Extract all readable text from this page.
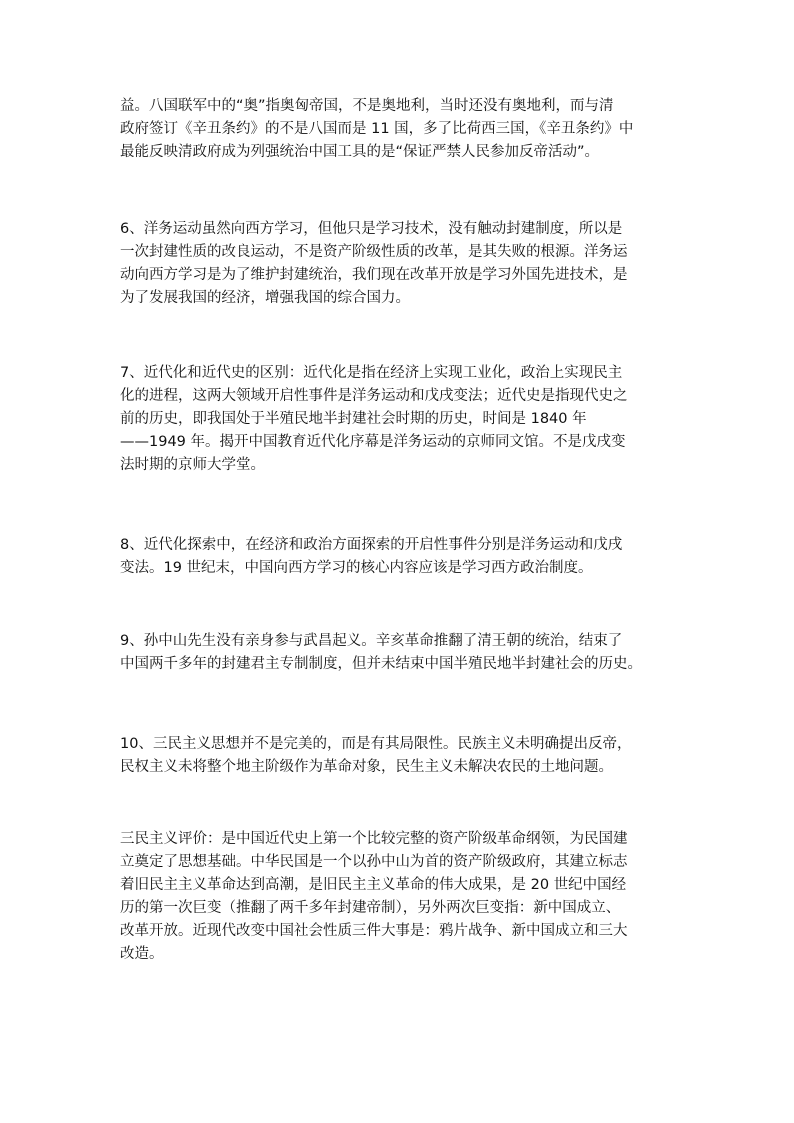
益。八国联军中的“奥”指奥匈帝国，不是奥地利，当时还没有奥地利，而与清
政府签订《辛丑条约》的不是八国而是 11 国，多了比荷西三国，《辛丑条约》中
最能反映清政府成为列强统治中国工具的是“保证严禁人民参加反帝活动”。
6、洋务运动虽然向西方学习，但他只是学习技术，没有触动封建制度，所以是
一次封建性质的改良运动，不是资产阶级性质的改革，是其失败的根源。洋务运
动向西方学习是为了维护封建统治，我们现在改革开放是学习外国先进技术，是
为了发展我国的经济，增强我国的综合国力。
7、近代化和近代史的区别：近代化是指在经济上实现工业化，政治上实现民主
化的进程，这两大领域开启性事件是洋务运动和戊戌变法；近代史是指现代史之
前的历史，即我国处于半殖民地半封建社会时期的历史，时间是 1840 年
——1949 年。揭开中国教育近代化序幕是洋务运动的京师同文馆。不是戊戌变
法时期的京师大学堂。
8、近代化探索中，在经济和政治方面探索的开启性事件分别是洋务运动和戊戌
变法。19 世纪末，中国向西方学习的核心内容应该是学习西方政治制度。
9、孙中山先生没有亲身参与武昌起义。辛亥革命推翻了清王朝的统治，结束了
中国两千多年的封建君主专制制度，但并未结束中国半殖民地半封建社会的历史。
10、三民主义思想并不是完美的，而是有其局限性。民族主义未明确提出反帝，
民权主义未将整个地主阶级作为革命对象，民生主义未解决农民的土地问题。
三民主义评价：是中国近代史上第一个比较完整的资产阶级革命纲领，为民国建
立奠定了思想基础。中华民国是一个以孙中山为首的资产阶级政府，其建立标志
着旧民主主义革命达到高潮，是旧民主主义革命的伟大成果，是 20 世纪中国经
历的第一次巨变（推翻了两千多年封建帝制），另外两次巨变指：新中国成立、
改革开放。近现代改变中国社会性质三件大事是：鸦片战争、新中国成立和三大
改造。
